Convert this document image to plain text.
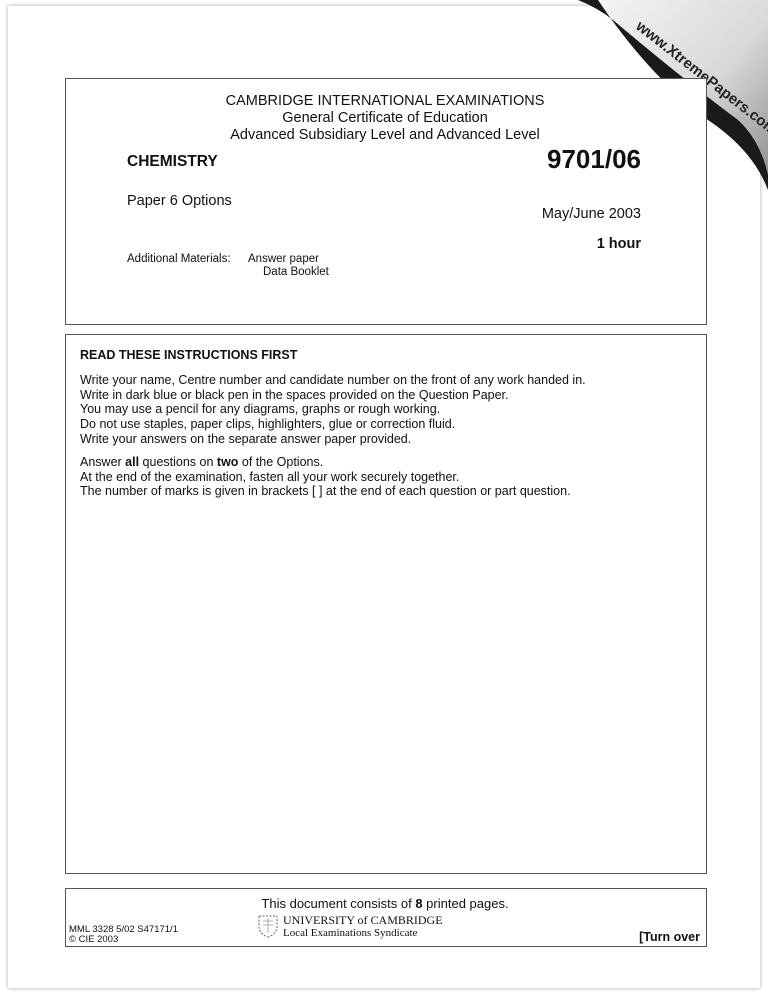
CAMBRIDGE INTERNATIONAL EXAMINATIONS
General Certificate of Education
Advanced Subsidiary Level and Advanced Level
CHEMISTRY	9701/06
Paper 6 Options
May/June 2003
1 hour
Additional Materials: Answer paper
Data Booklet
READ THESE INSTRUCTIONS FIRST
Write your name, Centre number and candidate number on the front of any work handed in.
Write in dark blue or black pen in the spaces provided on the Question Paper.
You may use a pencil for any diagrams, graphs or rough working.
Do not use staples, paper clips, highlighters, glue or correction fluid.
Write your answers on the separate answer paper provided.
Answer all questions on two of the Options.
At the end of the examination, fasten all your work securely together.
The number of marks is given in brackets [ ] at the end of each question or part question.
This document consists of 8 printed pages.
MML 3328 5/02 S47171/1
© CIE 2003
UNIVERSITY of CAMBRIDGE
Local Examinations Syndicate	[Turn over
